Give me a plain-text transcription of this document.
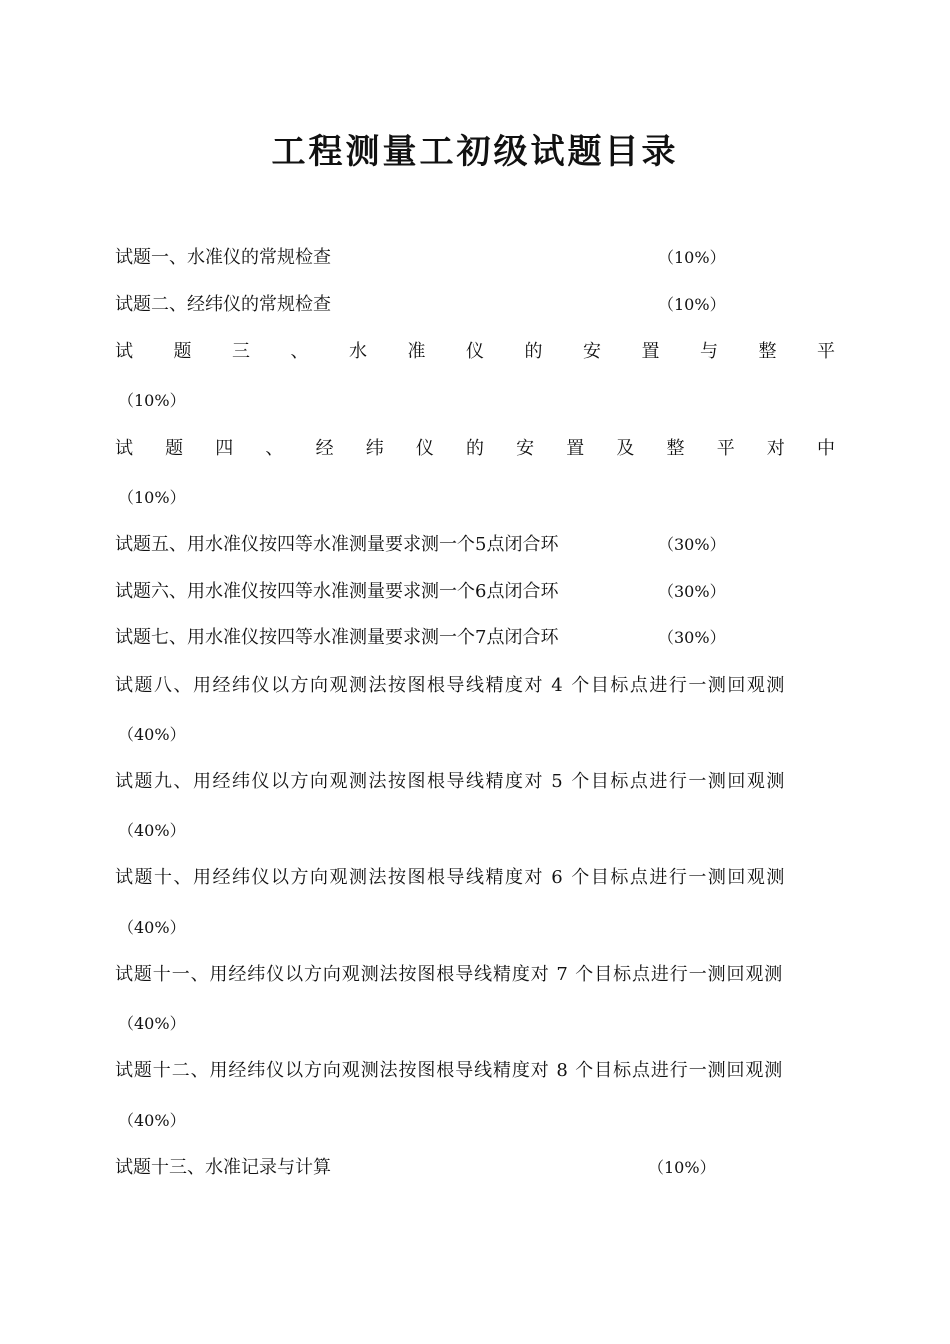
工程测量工初级试题目录
试题一、水准仪的常规检查	（10%）
试题二、经纬仪的常规检查	（10%）
试 题 三 、 水 准 仪 的 安 置 与 整 平
（10%）
试 题 四 、 经 纬 仪 的 安 置 及 整 平 对 中
（10%）
试题五、用水准仪按四等水准测量要求测一个5点闭合环	（30%）
试题六、用水准仪按四等水准测量要求测一个6点闭合环	（30%）
试题七、用水准仪按四等水准测量要求测一个7点闭合环	（30%）
试题八、用经纬仪以方向观测法按图根导线精度对 4 个目标点进行一测回观测
（40%）
试题九、用经纬仪以方向观测法按图根导线精度对 5 个目标点进行一测回观测
（40%）
试题十、用经纬仪以方向观测法按图根导线精度对 6 个目标点进行一测回观测
（40%）
试题十一、用经纬仪以方向观测法按图根导线精度对 7 个目标点进行一测回观测
（40%）
试题十二、用经纬仪以方向观测法按图根导线精度对 8 个目标点进行一测回观测
（40%）
试题十三、水准记录与计算	（10%）
